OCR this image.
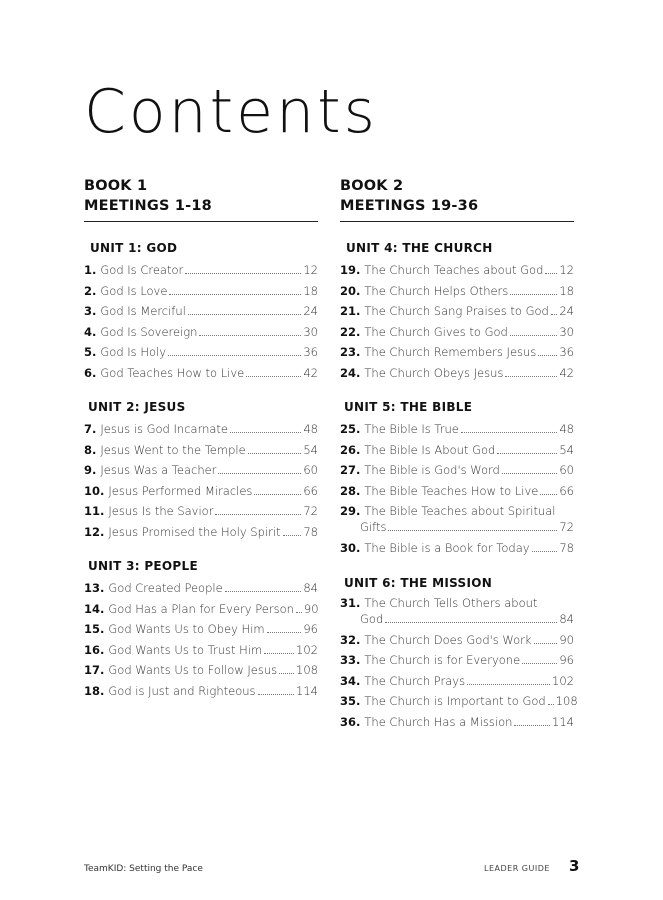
Contents
BOOK 1
MEETINGS 1-18
UNIT 1: GOD
1. God Is Creator	12
2. God Is Love	18
3. God Is Merciful	24
4. God Is Sovereign	30
5. God Is Holy	36
6. God Teaches How to Live	42
UNIT 2: JESUS
7. Jesus is God Incarnate	48
8. Jesus Went to the Temple	54
9. Jesus Was a Teacher	60
10. Jesus Performed Miracles	66
11. Jesus Is the Savior	72
12. Jesus Promised the Holy Spirit 78
UNIT 3: PEOPLE
13. God Created People	84
14. God Has a Plan for Every Person 90
15. God Wants Us to Obey Him	96
16. God Wants Us to Trust Him	102
17. God Wants Us to Follow Jesus 108
18. God is Just and Righteous	114
BOOK 2
MEETINGS 19-36
UNIT 4: THE CHURCH
19. The Church Teaches about God 12
20. The Church Helps Others	18
21. The Church Sang Praises to God 24
22. The Church Gives to God	30
23. The Church Remembers Jesus 36
24. The Church Obeys Jesus	42
UNIT 5: THE BIBLE
25. The Bible Is True	48
26. The Bible Is About God	54
27. The Bible is God's Word	60
28. The Bible Teaches How to Live 66
29. The Bible Teaches about Spiritual
Gifts	72
30. The Bible is a Book for Today	78
UNIT 6: THE MISSION
31. The Church Tells Others about
God	84
32. The Church Does God's Work 90
33. The Church is for Everyone	96
34. The Church Prays	102
35. The Church is Important to God 108
36. The Church Has a Mission	114
TeamKID: Setting the Pace	LEADER GUIDE 3
